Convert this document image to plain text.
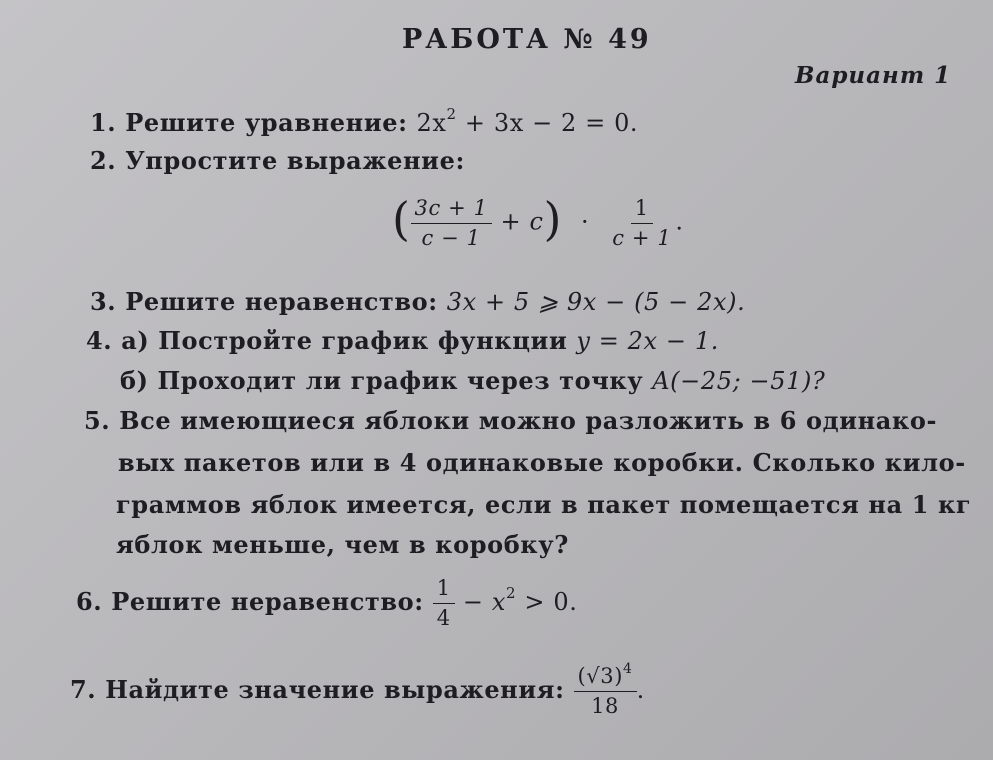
РАБОТА № 49
Вариант 1
1. Решите уравнение: $2x^2 + 3x - 2 = 0$.
2. Упростите выражение:
( $\frac{3c + 1}{c - 1} + c) \cdot \frac{1}{c + 1}$ .
3. Решите неравенство: 3x + 5 ⩾ 9x − (5 − 2x).
4. а) Постройте график функции y = 2x − 1.
б) Проходит ли график через точку A(−25; −51)?
5. Все имеющиеся яблоки можно разложить в 6 одинако-
вых пакетов или в 4 одинаковые коробки. Сколько кило-
граммов яблок имеется, если в пакет помещается на 1 кг
яблок меньше, чем в коробку?
6. Решите неравенство: $\frac{1}{4} - x^2 > 0$.
7. Найдите значение выражения: $\frac{(√3)^4}{18}$ .
